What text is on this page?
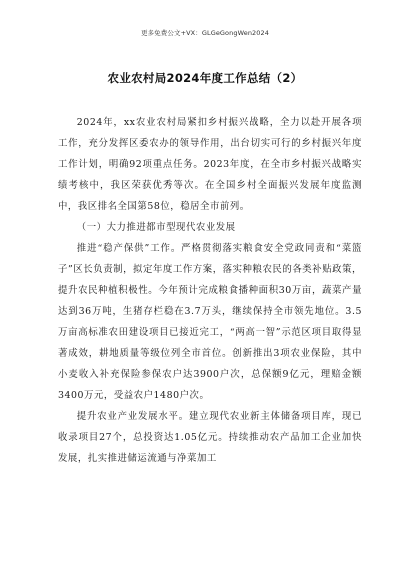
更多免费公文+VX：GLGeGongWen2024
农业农村局2024年度工作总结（2）

2024年，xx农业农村局紧扣乡村振兴战略，全力以赴开展各项工作，充分发挥区委农办的领导作用，出台切实可行的乡村振兴年度工作计划，明确92项重点任务。2023年度，在全市乡村振兴战略实绩考核中，我区荣获优秀等次。在全国乡村全面振兴发展年度监测中，我区排名全国第58位，稳居全市前列。

（一）大力推进都市型现代农业发展

推进“稳产保供”工作。严格贯彻落实粮食安全党政同责和“菜篮子”区长负责制，拟定年度工作方案，落实种粮农民的各类补贴政策，提升农民种植积极性。今年预计完成粮食播种面积30万亩，蔬菜产量达到36万吨，生猪存栏稳在3.7万头，继续保持全市领先地位。3.5万亩高标准农田建设项目已接近完工，“两高一智”示范区项目取得显著成效，耕地质量等级位列全市首位。创新推出3项农业保险，其中小麦收入补充保险参保农户达3900户次，总保额9亿元，理赔金额3400万元，受益农户1480户次。

提升农业产业发展水平。建立现代农业新主体储备项目库，现已收录项目27个，总投资达1.05亿元。持续推动农产品加工企业加快发展，扎实推进储运流通与净菜加工
